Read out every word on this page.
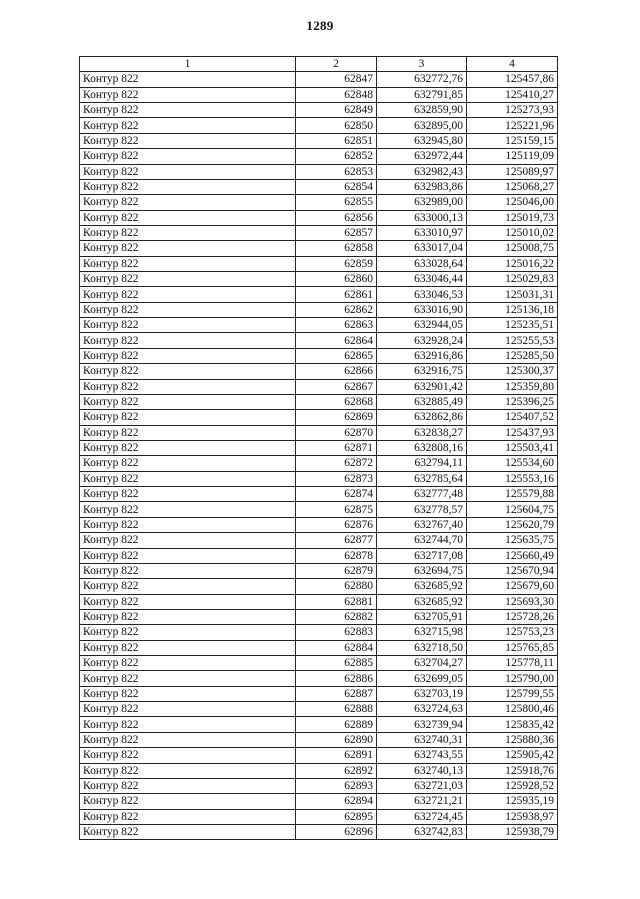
1289
1	2	3	4
Контур 822	62847	632772,76	125457,86
Контур 822	62848	632791,85	125410,27
Контур 822	62849	632859,90	125273,93
Контур 822	62850	632895,00	125221,96
Контур 822	62851	632945,80	125159,15
Контур 822	62852	632972,44	125119,09
Контур 822	62853	632982,43	125089,97
Контур 822	62854	632983,86	125068,27
Контур 822	62855	632989,00	125046,00
Контур 822	62856	633000,13	125019,73
Контур 822	62857	633010,97	125010,02
Контур 822	62858	633017,04	125008,75
Контур 822	62859	633028,64	125016,22
Контур 822	62860	633046,44	125029,83
Контур 822	62861	633046,53	125031,31
Контур 822	62862	633016,90	125136,18
Контур 822	62863	632944,05	125235,51
Контур 822	62864	632928,24	125255,53
Контур 822	62865	632916,86	125285,50
Контур 822	62866	632916,75	125300,37
Контур 822	62867	632901,42	125359,80
Контур 822	62868	632885,49	125396,25
Контур 822	62869	632862,86	125407,52
Контур 822	62870	632838,27	125437,93
Контур 822	62871	632808,16	125503,41
Контур 822	62872	632794,11	125534,60
Контур 822	62873	632785,64	125553,16
Контур 822	62874	632777,48	125579,88
Контур 822	62875	632778,57	125604,75
Контур 822	62876	632767,40	125620,79
Контур 822	62877	632744,70	125635,75
Контур 822	62878	632717,08	125660,49
Контур 822	62879	632694,75	125670,94
Контур 822	62880	632685,92	125679,60
Контур 822	62881	632685,92	125693,30
Контур 822	62882	632705,91	125728,26
Контур 822	62883	632715,98	125753,23
Контур 822	62884	632718,50	125765,85
Контур 822	62885	632704,27	125778,11
Контур 822	62886	632699,05	125790,00
Контур 822	62887	632703,19	125799,55
Контур 822	62888	632724,63	125800,46
Контур 822	62889	632739,94	125835,42
Контур 822	62890	632740,31	125880,36
Контур 822	62891	632743,55	125905,42
Контур 822	62892	632740,13	125918,76
Контур 822	62893	632721,03	125928,52
Контур 822	62894	632721,21	125935,19
Контур 822	62895	632724,45	125938,97
Контур 822	62896	632742,83	125938,79
